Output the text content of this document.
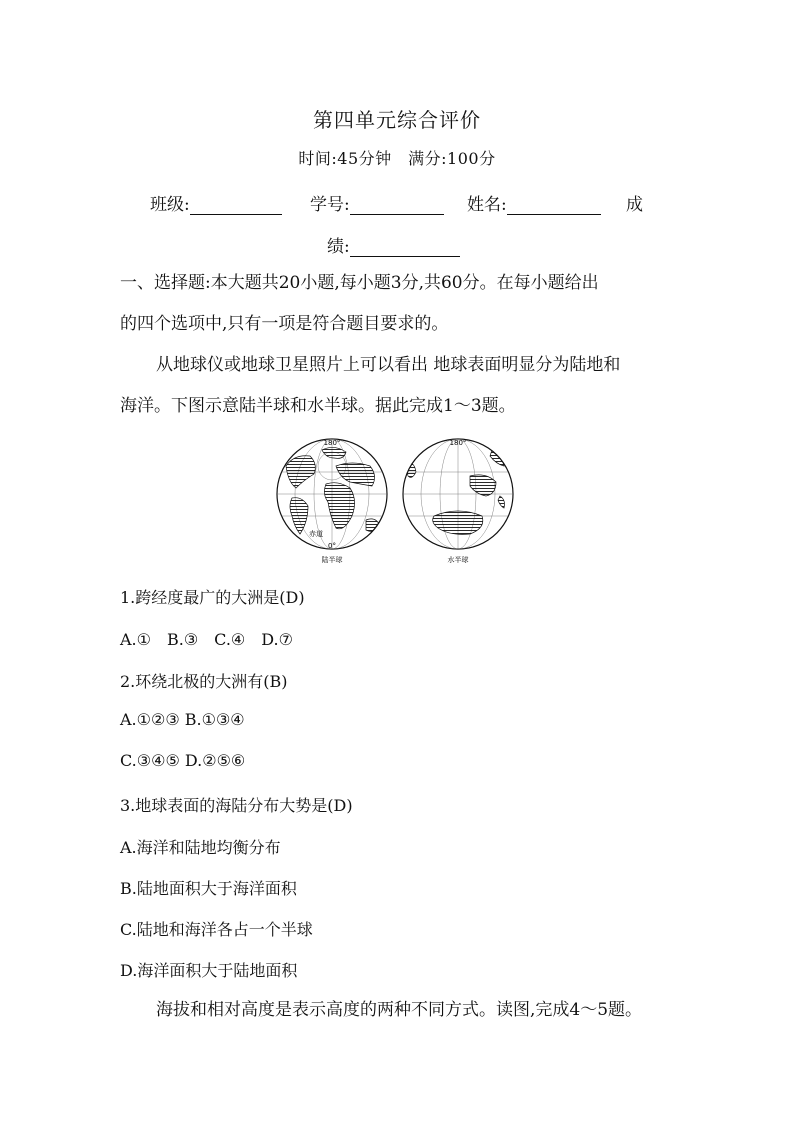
第四单元综合评价
时间:45分钟　满分:100分
班级:	学号:	姓名:	成
绩:
一、选择题:本大题共20小题,每小题3分,共60分。在每小题给出
的四个选项中,只有一项是符合题目要求的。
从地球仪或地球卫星照片上可以看出 地球表面明显分为陆地和
海洋。下图示意陆半球和水半球。据此完成1～3题。
180°
0°
赤道
陆半球
180°
水半球
1.跨经度最广的大洲是(D)
A.①　B.③　C.④　D.⑦
2.环绕北极的大洲有(B)
A.①②③ B.①③④
C.③④⑤ D.②⑤⑥
3.地球表面的海陆分布大势是(D)
A.海洋和陆地均衡分布
B.陆地面积大于海洋面积
C.陆地和海洋各占一个半球
D.海洋面积大于陆地面积
海拔和相对高度是表示高度的两种不同方式。读图,完成4～5题。
